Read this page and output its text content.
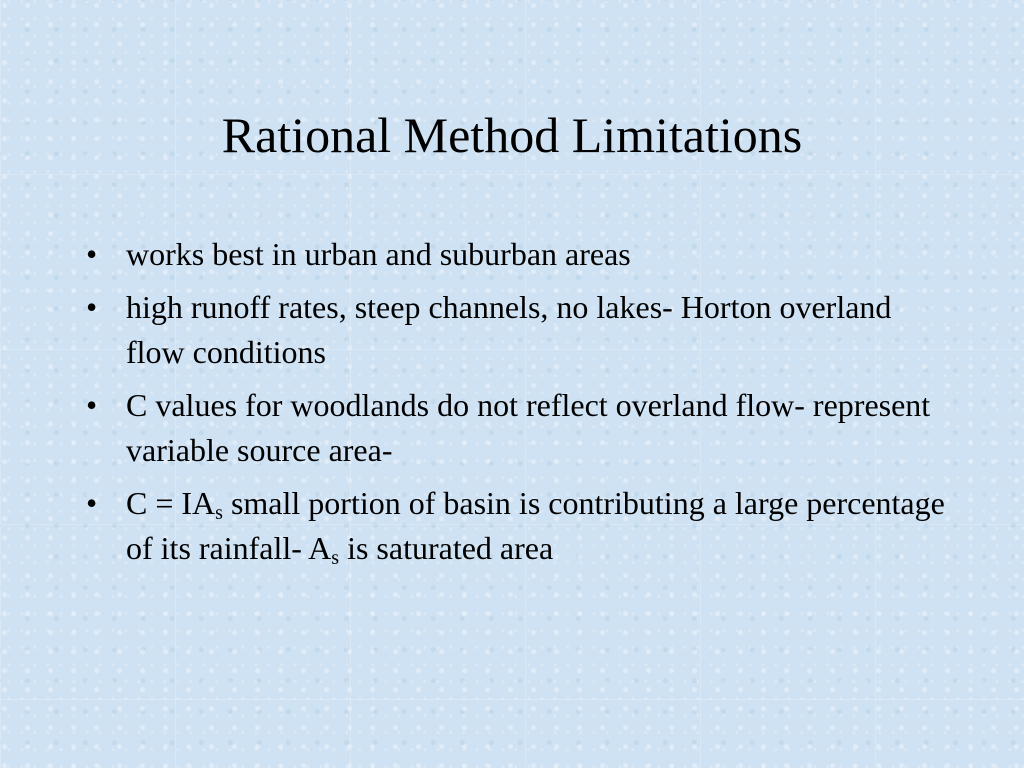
Rational Method Limitations
• works best in urban and suburban areas
• high runoff rates, steep channels, no lakes- Horton overland flow conditions
• C values for woodlands do not reflect overland flow- represent variable source area-
• $C = IA_s$ small portion of basin is contributing a large percentage of its rainfall- $A_s$ is saturated area
